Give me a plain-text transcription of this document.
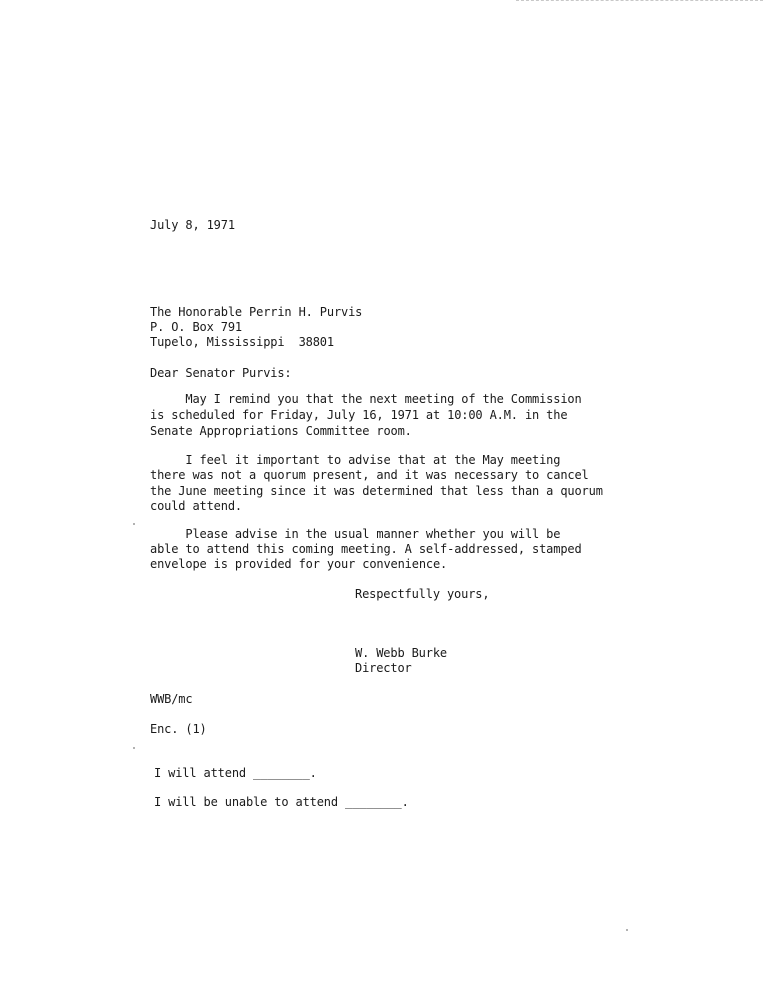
July 8, 1971
The Honorable Perrin H. Purvis
P. O. Box 791
Tupelo, Mississippi  38801
Dear Senator Purvis:
May I remind you that the next meeting of the Commission
is scheduled for Friday, July 16, 1971 at 10:00 A.M. in the
Senate Appropriations Committee room.
I feel it important to advise that at the May meeting
there was not a quorum present, and it was necessary to cancel
the June meeting since it was determined that less than a quorum
could attend.
Please advise in the usual manner whether you will be
able to attend this coming meeting. A self-addressed, stamped
envelope is provided for your convenience.
Respectfully yours,
W. Webb Burke
Director
WWB/mc
Enc. (1)
I will attend ________.
I will be unable to attend ________.
